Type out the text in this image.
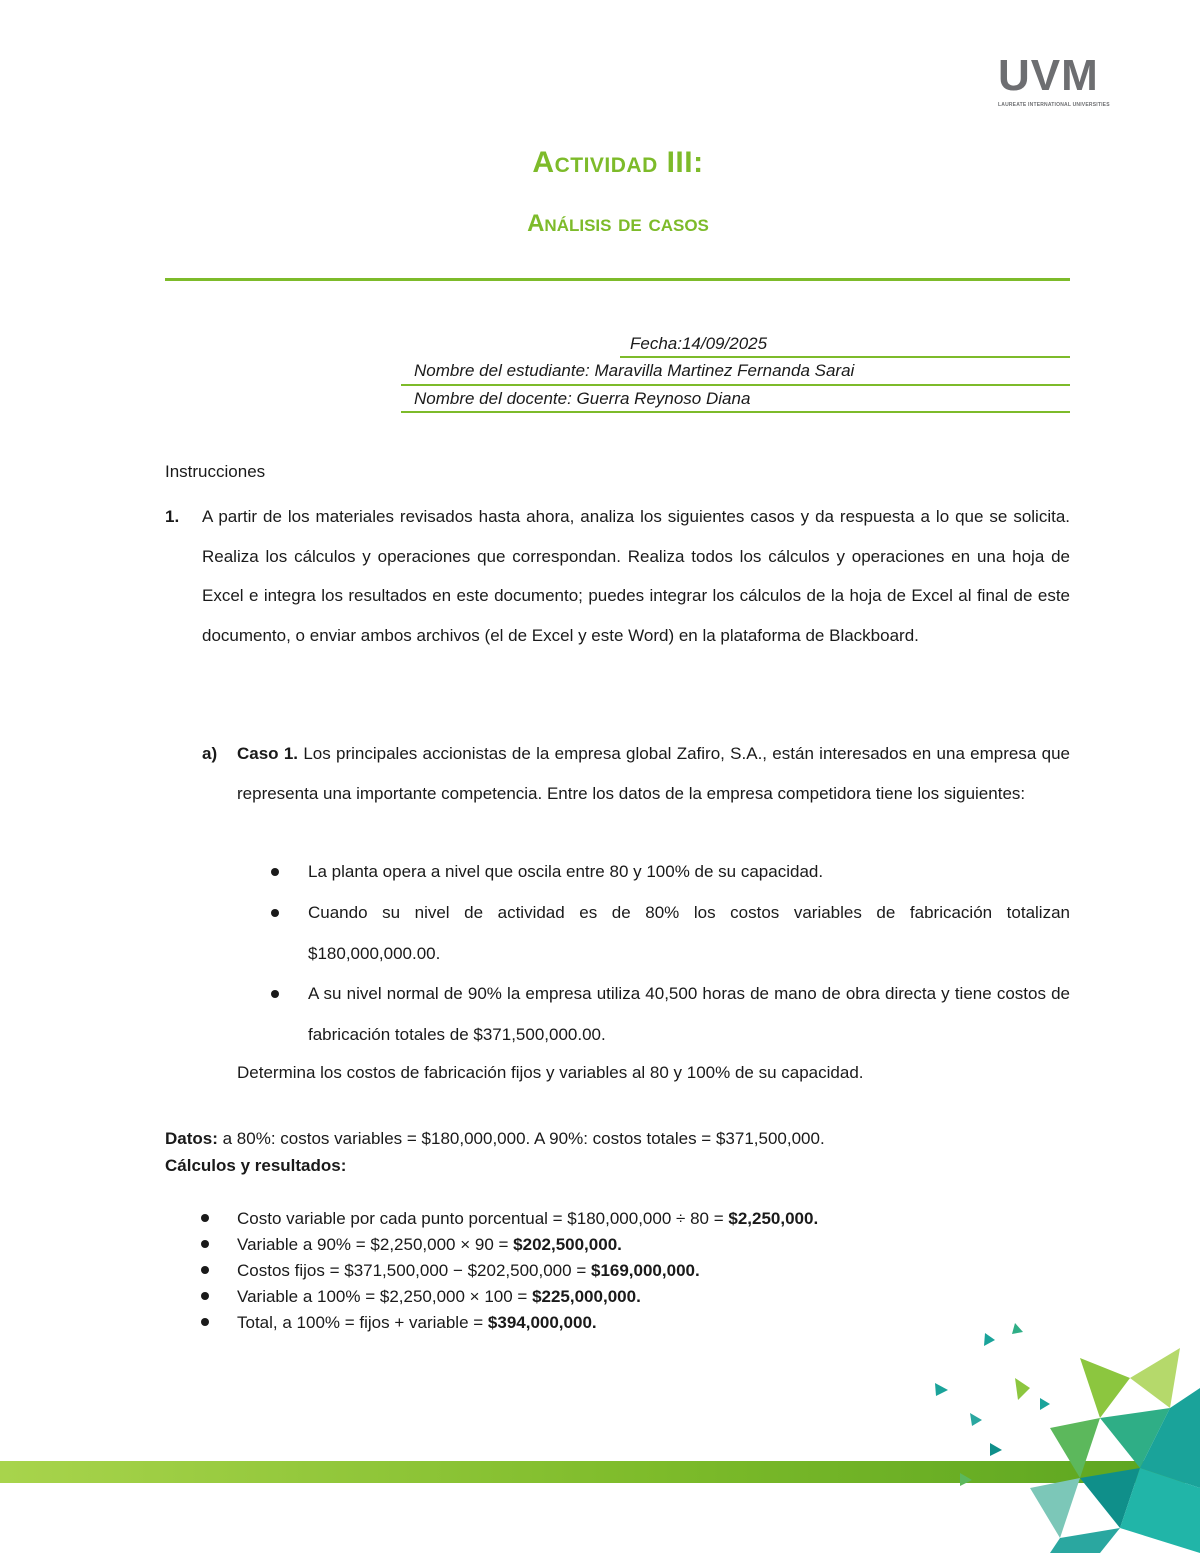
UVM
LAUREATE INTERNATIONAL UNIVERSITIES
Actividad III:
Análisis de casos
Fecha:14/09/2025
Nombre del estudiante: Maravilla Martinez Fernanda Sarai
Nombre del docente: Guerra Reynoso Diana
Instrucciones
1. A partir de los materiales revisados hasta ahora, analiza los siguientes casos y da respuesta a lo que se solicita. Realiza los cálculos y operaciones que correspondan. Realiza todos los cálculos y operaciones en una hoja de Excel e integra los resultados en este documento; puedes integrar los cálculos de la hoja de Excel al final de este documento, o enviar ambos archivos (el de Excel y este Word) en la plataforma de Blackboard.
a) Caso 1. Los principales accionistas de la empresa global Zafiro, S.A., están interesados en una empresa que representa una importante competencia. Entre los datos de la empresa competidora tiene los siguientes:
La planta opera a nivel que oscila entre 80 y 100% de su capacidad.
Cuando su nivel de actividad es de 80% los costos variables de fabricación totalizan $180,000,000.00.
A su nivel normal de 90% la empresa utiliza 40,500 horas de mano de obra directa y tiene costos de fabricación totales de $371,500,000.00.
Determina los costos de fabricación fijos y variables al 80 y 100% de su capacidad.
Datos: a 80%: costos variables = $180,000,000. A 90%: costos totales = $371,500,000.
Cálculos y resultados:
Costo variable por cada punto porcentual = $180,000,000 ÷ 80 = $2,250,000.
Variable a 90% = $2,250,000 × 90 = $202,500,000.
Costos fijos = $371,500,000 − $202,500,000 = $169,000,000.
Variable a 100% = $2,250,000 × 100 = $225,000,000.
Total, a 100% = fijos + variable = $394,000,000.
